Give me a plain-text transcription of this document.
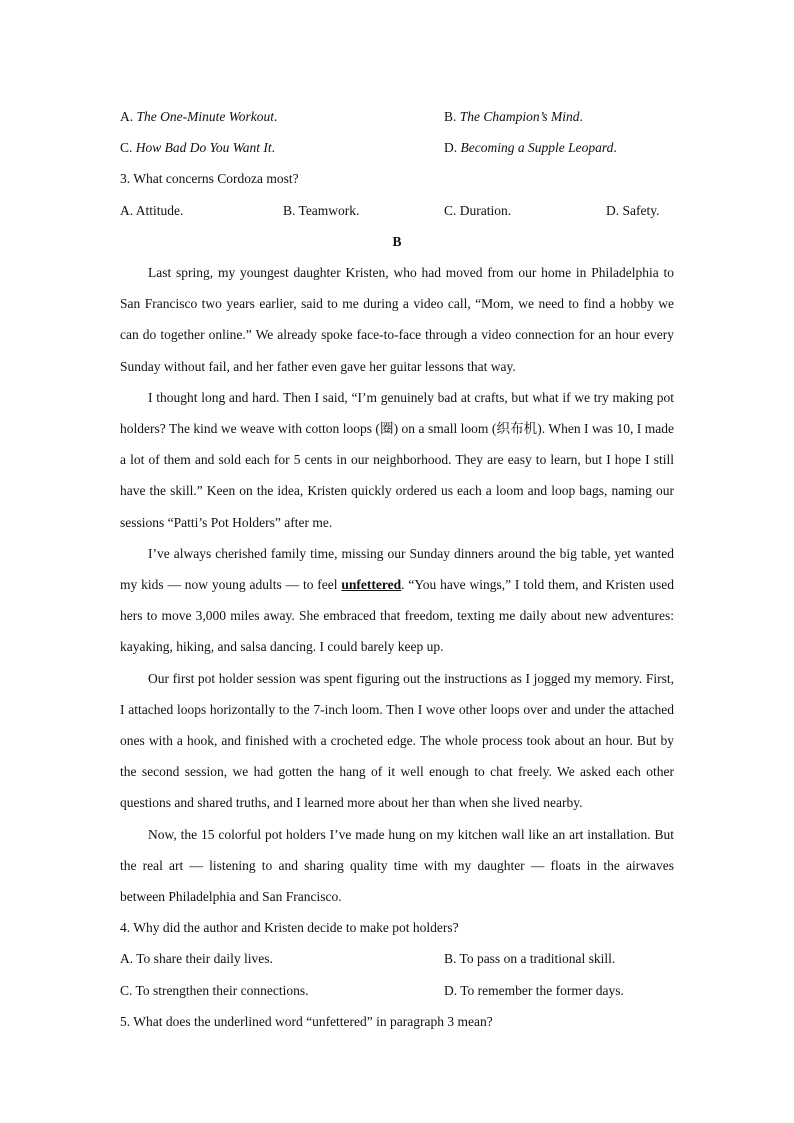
A. The One-Minute Workout.	B. The Champion’s Mind.
C. How Bad Do You Want It.	D. Becoming a Supple Leopard.
3. What concerns Cordoza most?
A. Attitude.	B. Teamwork.	C. Duration.	D. Safety.
B

Last spring, my youngest daughter Kristen, who had moved from our home in Philadelphia to San Francisco two years earlier, said to me during a video call, “Mom, we need to find a hobby we can do together online.” We already spoke face-to-face through a video connection for an hour every Sunday without fail, and her father even gave her guitar lessons that way.

I thought long and hard. Then I said, “I’m genuinely bad at crafts, but what if we try making pot holders? The kind we weave with cotton loops (圈) on a small loom (织布机). When I was 10, I made a lot of them and sold each for 5 cents in our neighborhood. They are easy to learn, but I hope I still have the skill.” Keen on the idea, Kristen quickly ordered us each a loom and loop bags, naming our sessions “Patti’s Pot Holders” after me.

I’ve always cherished family time, missing our Sunday dinners around the big table, yet wanted my kids — now young adults — to feel unfettered. “You have wings,” I told them, and Kristen used hers to move 3,000 miles away. She embraced that freedom, texting me daily about new adventures: kayaking, hiking, and salsa dancing. I could barely keep up.

Our first pot holder session was spent figuring out the instructions as I jogged my memory. First, I attached loops horizontally to the 7-inch loom. Then I wove other loops over and under the attached ones with a hook, and finished with a crocheted edge. The whole process took about an hour. But by the second session, we had gotten the hang of it well enough to chat freely. We asked each other questions and shared truths, and I learned more about her than when she lived nearby.

Now, the 15 colorful pot holders I’ve made hung on my kitchen wall like an art installation. But the real art — listening to and sharing quality time with my daughter — floats in the airwaves between Philadelphia and San Francisco.

4. Why did the author and Kristen decide to make pot holders?
A. To share their daily lives.	B. To pass on a traditional skill.
C. To strengthen their connections.	D. To remember the former days.
5. What does the underlined word “unfettered” in paragraph 3 mean?
